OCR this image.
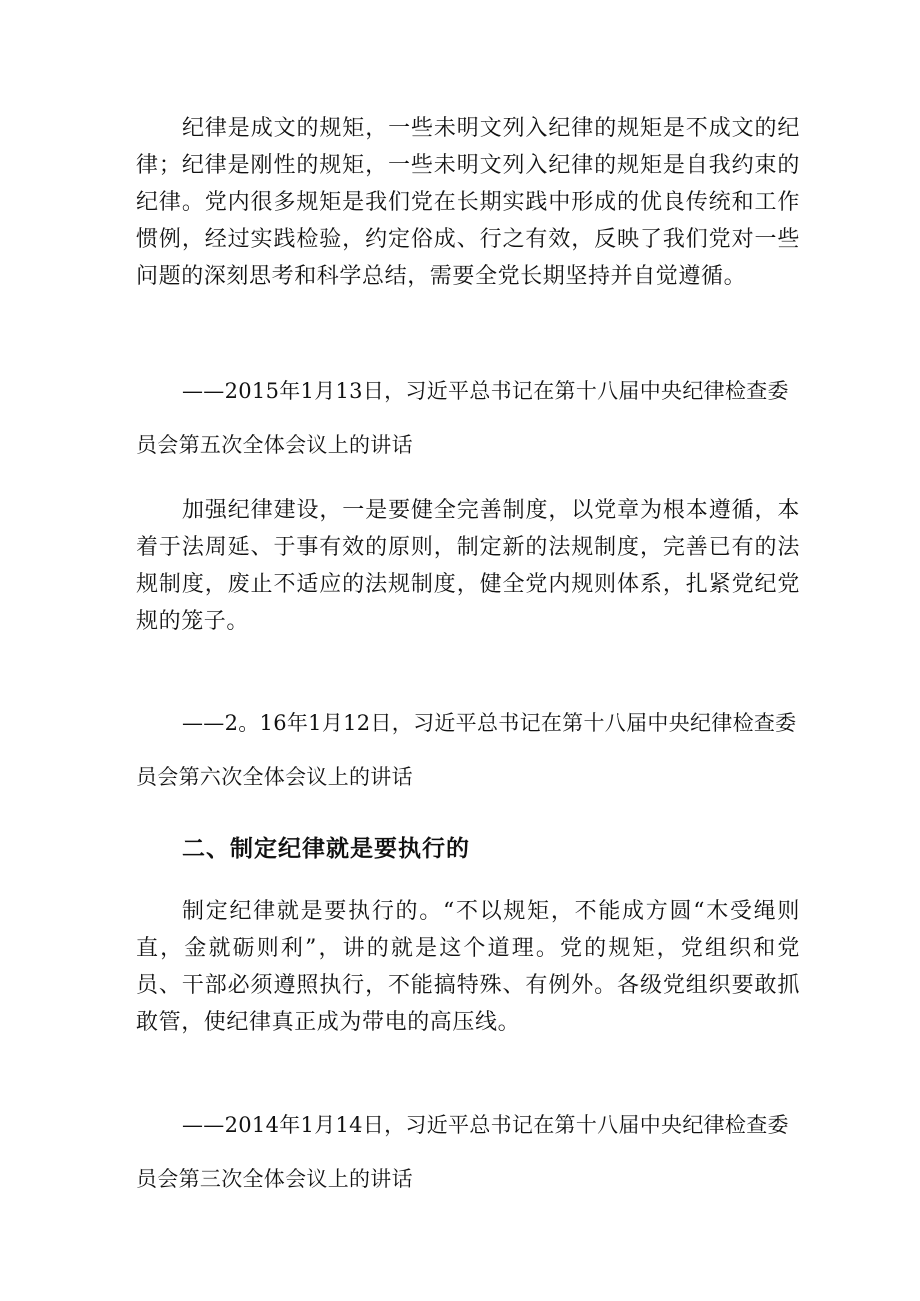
纪律是成文的规矩，一些未明文列入纪律的规矩是不成文的纪律；纪律是刚性的规矩，一些未明文列入纪律的规矩是自我约束的纪律。党内很多规矩是我们党在长期实践中形成的优良传统和工作惯例，经过实践检验，约定俗成、行之有效，反映了我们党对一些问题的深刻思考和科学总结，需要全党长期坚持并自觉遵循。

——2015年1月13日，习近平总书记在第十八届中央纪律检查委员会第五次全体会议上的讲话

加强纪律建设，一是要健全完善制度，以党章为根本遵循，本着于法周延、于事有效的原则，制定新的法规制度，完善已有的法规制度，废止不适应的法规制度，健全党内规则体系，扎紧党纪党规的笼子。

——2。16年1月12日，习近平总书记在第十八届中央纪律检查委员会第六次全体会议上的讲话

二、制定纪律就是要执行的

制定纪律就是要执行的。“不以规矩，不能成方圆“木受绳则直，金就砺则利”，讲的就是这个道理。党的规矩，党组织和党员、干部必须遵照执行，不能搞特殊、有例外。各级党组织要敢抓敢管，使纪律真正成为带电的高压线。

——2014年1月14日，习近平总书记在第十八届中央纪律检查委员会第三次全体会议上的讲话
